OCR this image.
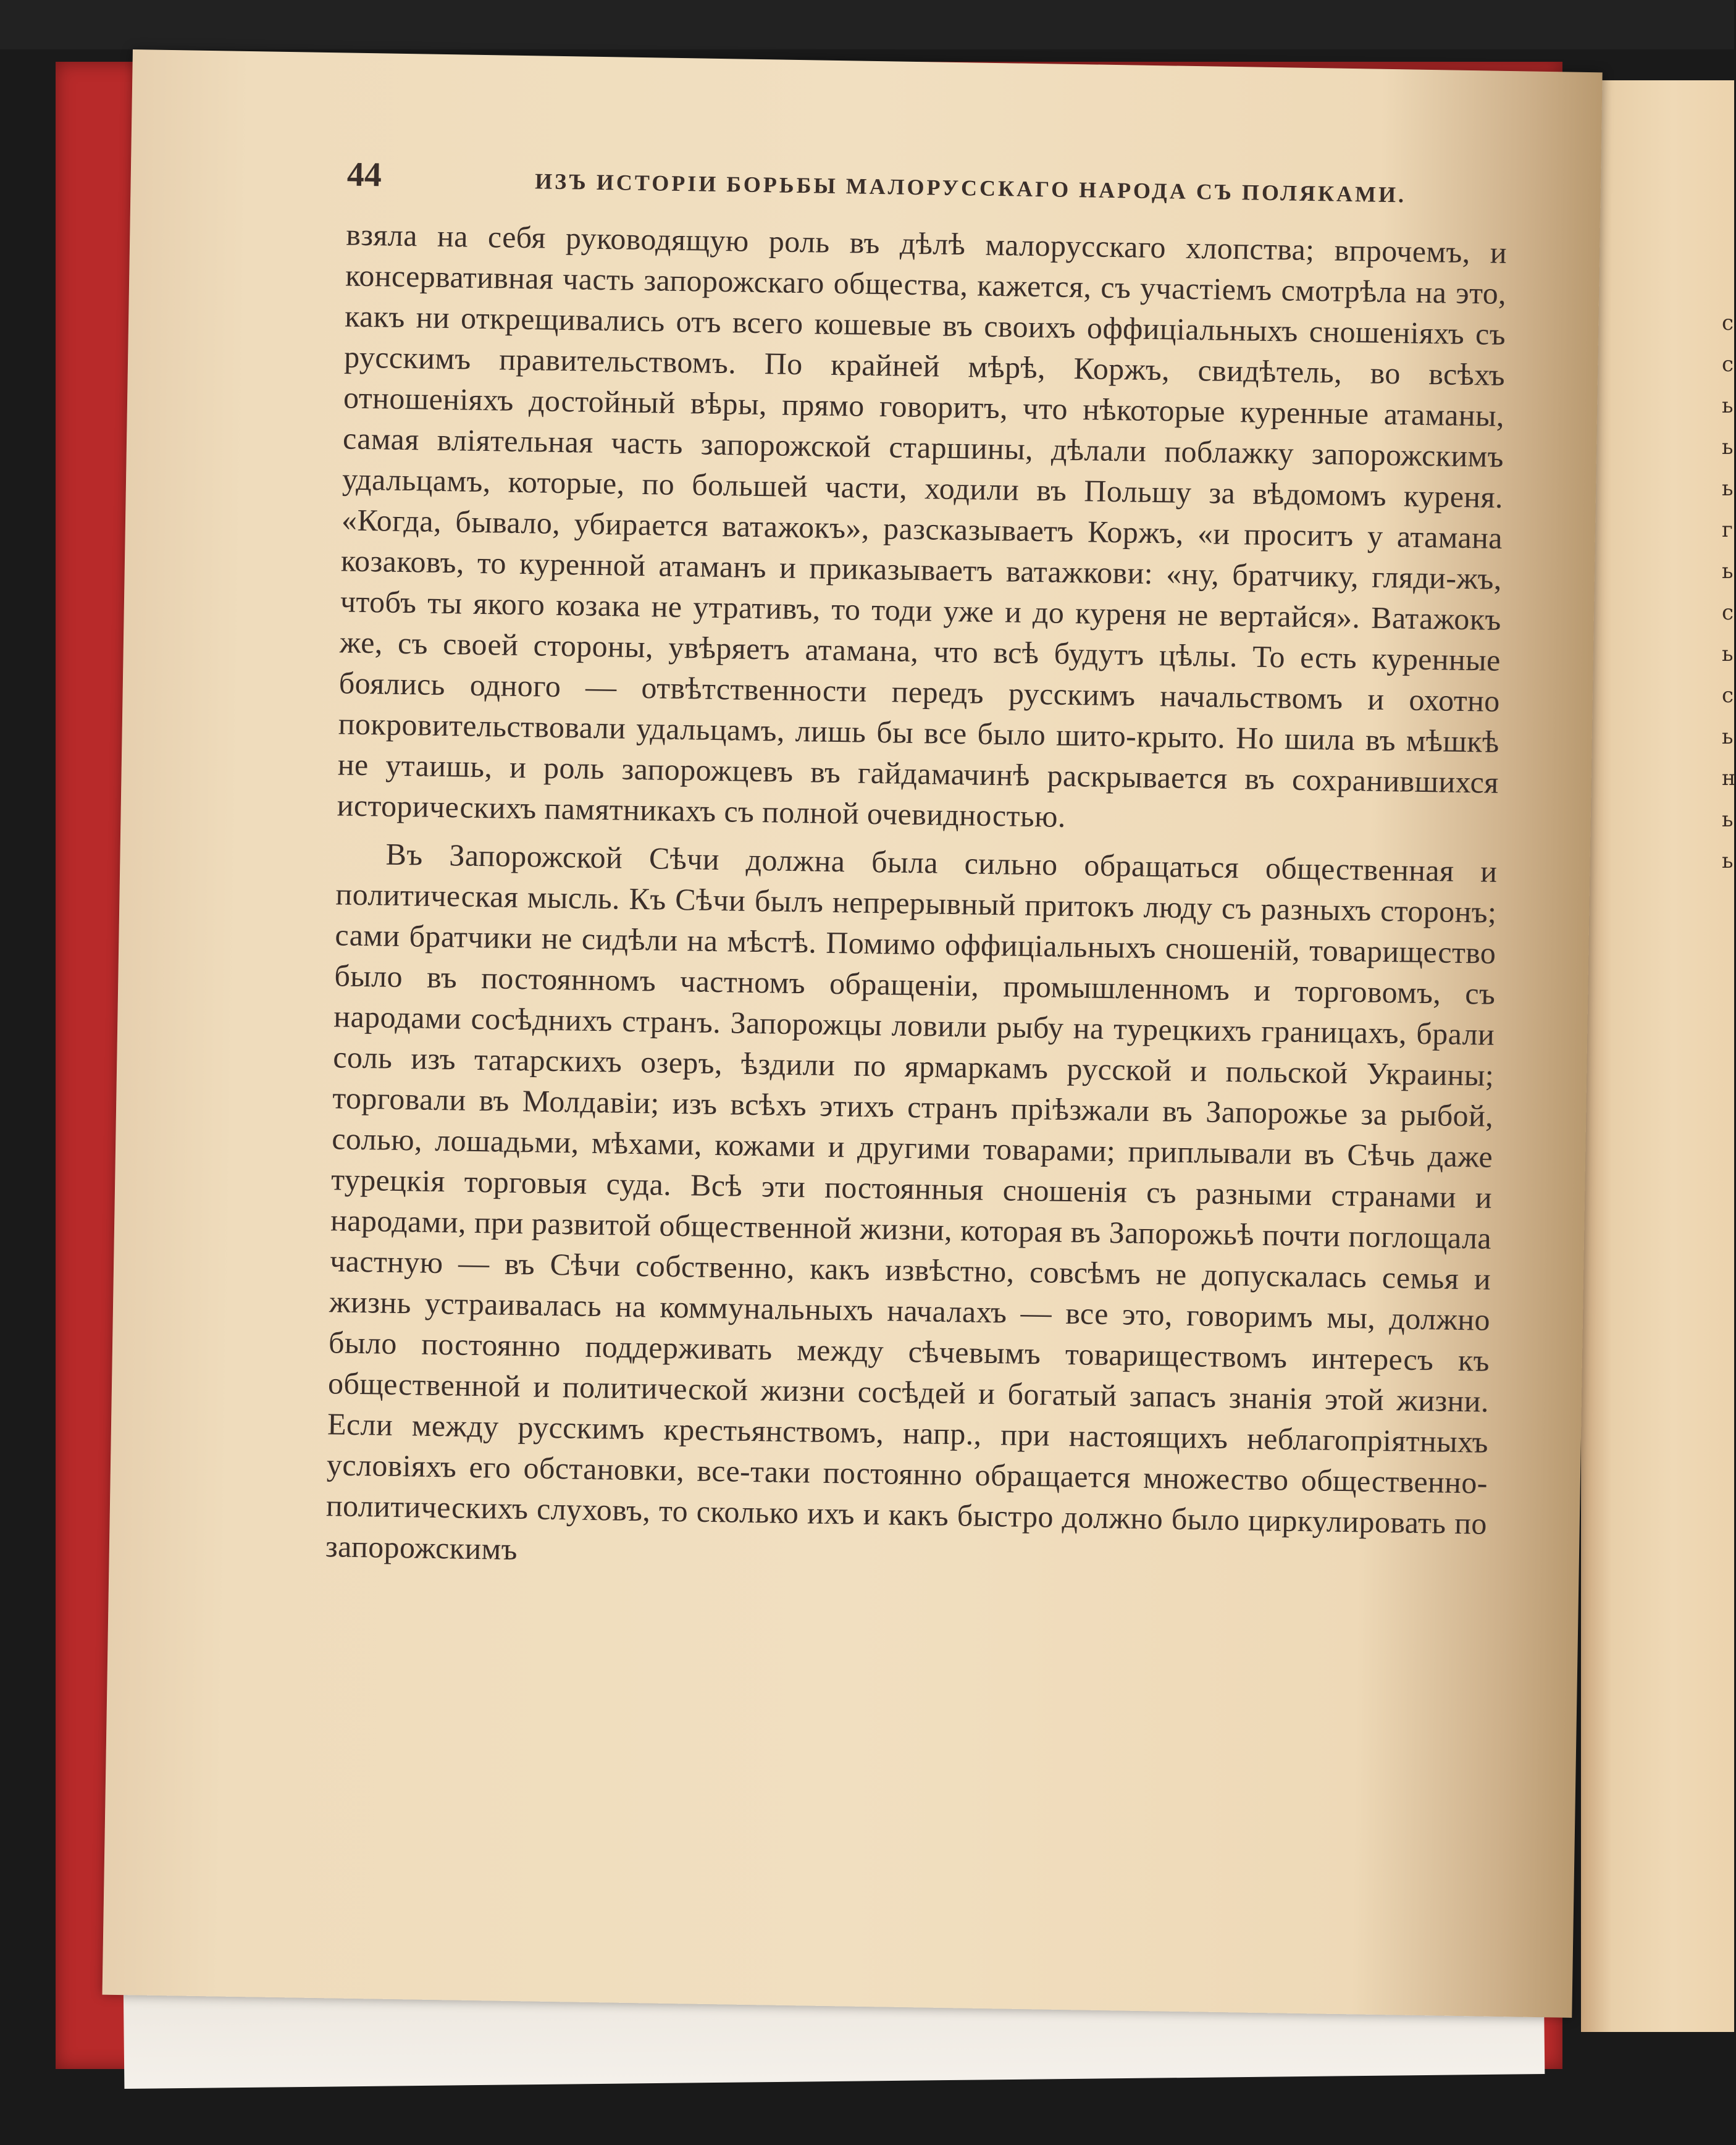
с с ь ь ь г ь с ь с ь н ь ь
44	ИЗЪ ИСТОРІИ БОРЬБЫ МАЛОРУССКАГО НАРОДА СЪ ПОЛЯКАМИ.

взяла на себя руководящую роль въ дѣлѣ малорусскаго хлопства; впрочемъ, и консервативная часть запорожскаго общества, кажется, съ участіемъ смотрѣла на это, какъ ни открещивались отъ всего кошевые въ своихъ оффиціальныхъ сношеніяхъ съ русскимъ правительствомъ. По крайней мѣрѣ, Коржъ, свидѣтель, во всѣхъ отношеніяхъ достойный вѣры, прямо говоритъ, что нѣкоторые куренные атаманы, самая вліятельная часть запорожской старшины, дѣлали поблажку запорожскимъ удальцамъ, которые, по большей части, ходили въ Польшу за вѣдомомъ куреня. «Когда, бывало, убирается ватажокъ», разсказываетъ Коржъ, «и проситъ у атамана козаковъ, то куренной атаманъ и приказываетъ ватажкови: «ну, братчику, гляди-жъ, чтобъ ты якого козака не утративъ, то тоди уже и до куреня не вертайся». Ватажокъ же, съ своей стороны, увѣряетъ атамана, что всѣ будутъ цѣлы. То есть куренные боялись одного — отвѣтственности передъ русскимъ начальствомъ и охотно покровительствовали удальцамъ, лишь бы все было шито-крыто. Но шила въ мѣшкѣ не утаишь, и роль запорожцевъ въ гайдамачинѣ раскрывается въ сохранившихся историческихъ памятникахъ съ полной очевидностью.

Въ Запорожской Сѣчи должна была сильно обращаться общественная и политическая мысль. Къ Сѣчи былъ непрерывный притокъ люду съ разныхъ сторонъ; сами братчики не сидѣли на мѣстѣ. Помимо оффиціальныхъ сношеній, товарищество было въ постоянномъ частномъ обращеніи, промышленномъ и торговомъ, съ народами сосѣднихъ странъ. Запорожцы ловили рыбу на турецкихъ границахъ, брали соль изъ татарскихъ озеръ, ѣздили по ярмаркамъ русской и польской Украины; торговали въ Молдавіи; изъ всѣхъ этихъ странъ пріѣзжали въ Запорожье за рыбой, солью, лошадьми, мѣхами, кожами и другими товарами; приплывали въ Сѣчь даже турецкія торговыя суда. Всѣ эти постоянныя сношенія съ разными странами и народами, при развитой общественной жизни, которая въ Запорожьѣ почти поглощала частную — въ Сѣчи собственно, какъ извѣстно, совсѣмъ не допускалась семья и жизнь устраивалась на коммунальныхъ началахъ — все это, говоримъ мы, должно было постоянно поддерживать между сѣчевымъ товариществомъ интересъ къ общественной и политической жизни сосѣдей и богатый запасъ знанія этой жизни. Если между русскимъ крестьянствомъ, напр., при настоящихъ неблагопріятныхъ условіяхъ его обстановки, все-таки постоянно обращается множество общественно-политическихъ слуховъ, то сколько ихъ и какъ быстро должно было циркулировать по запорожскимъ
